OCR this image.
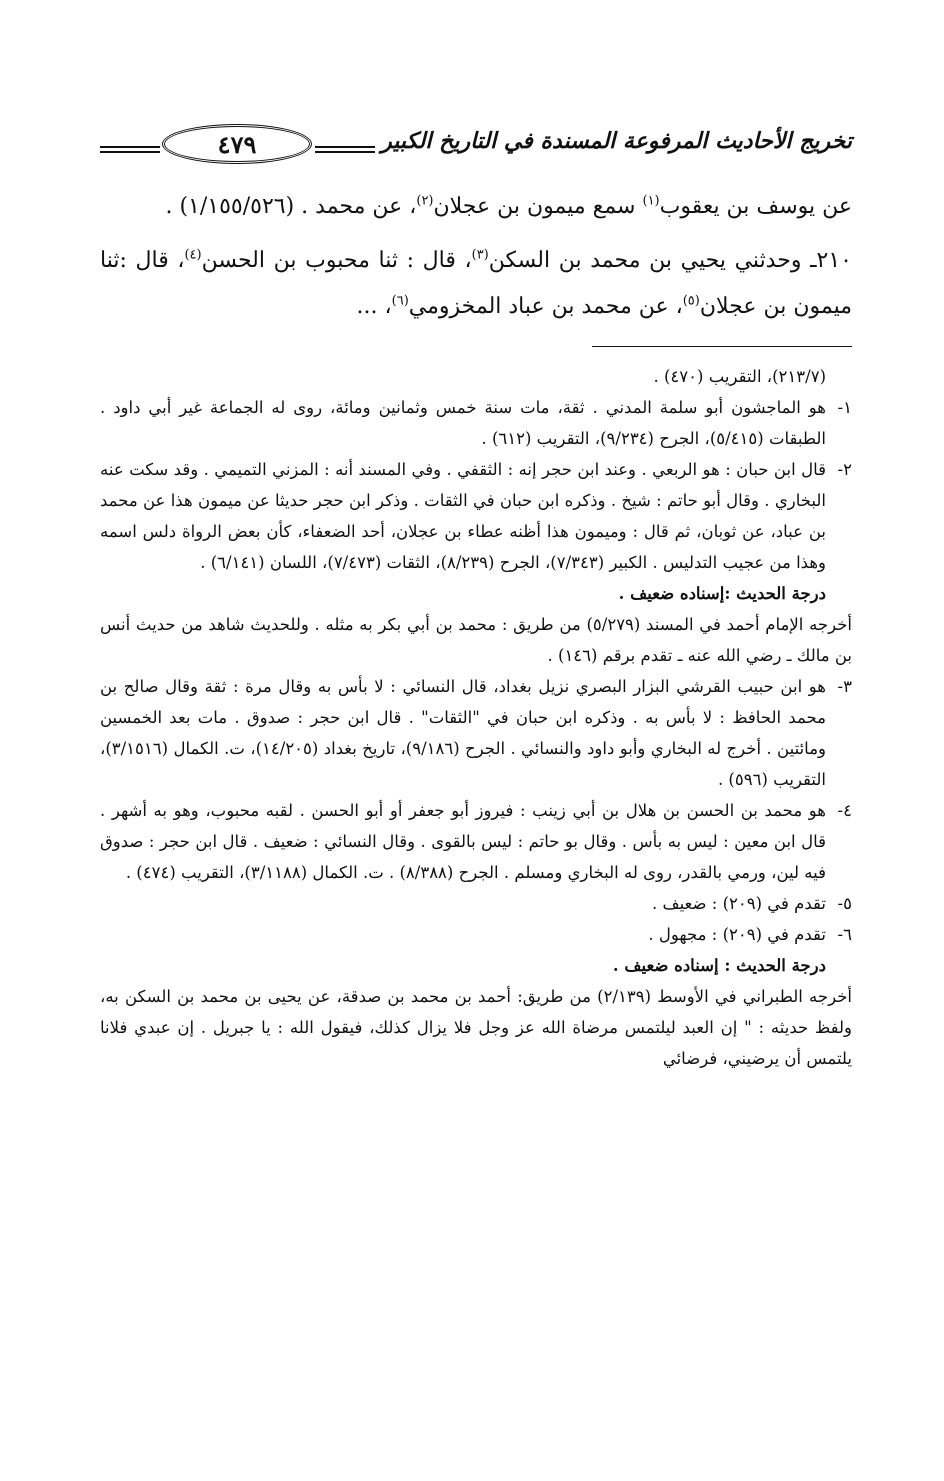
تخريج الأحاديث المرفوعة المسندة في التاريخ الكبير
٤٧٩

عن يوسف بن يعقوب$^{(١)}$ سمع ميمون بن عجلان$^{(٢)}$، عن محمد . (١/١٥٥/٥٢٦) .

٢١٠ـ وحدثني يحيي بن محمد بن السكن$^{(٣)}$، قال : ثنا محبوب بن الحسن$^{(٤)}$، قال :ثنا ميمون بن عجلان$^{(٥)}$، عن محمد بن عباد المخزومي$^{(٦)}$، ...

(٢١٣/٧)، التقريب (٤٧٠) .

١-هو الماجشون أبو سلمة المدني . ثقة، مات سنة خمس وثمانين ومائة، روى له الجماعة غير أبي داود . الطبقات (٥/٤١٥)، الجرح (٩/٢٣٤)، التقريب (٦١٢) .

٢-قال ابن حبان : هو الربعي . وعند ابن حجر إنه : الثقفي . وفي المسند أنه : المزني التميمي . وقد سكت عنه البخاري . وقال أبو حاتم : شيخ . وذكره ابن حبان في الثقات . وذكر ابن حجر حديثا عن ميمون هذا عن محمد بن عباد، عن ثوبان، ثم قال : وميمون هذا أظنه عطاء بن عجلان، أحد الضعفاء، كأن بعض الرواة دلس اسمه وهذا من عجيب التدليس . الكبير (٧/٣٤٣)، الجرح (٨/٢٣٩)، الثقات (٧/٤٧٣)، اللسان (٦/١٤١) .

درجة الحديث :إسناده ضعيف .

أخرجه الإمام أحمد في المسند (٥/٢٧٩) من طريق : محمد بن أبي بكر به مثله . وللحديث شاهد من حديث أنس بن مالك ـ رضي الله عنه ـ تقدم برقم (١٤٦) .

٣-هو ابن حبيب القرشي البزار البصري نزيل بغداد، قال النسائي : لا بأس به وقال مرة : ثقة وقال صالح بن محمد الحافظ : لا بأس به . وذكره ابن حبان في "الثقات" . قال ابن حجر : صدوق . مات بعد الخمسين ومائتين . أخرج له البخاري وأبو داود والنسائي . الجرح (٩/١٨٦)، تاريخ بغداد (١٤/٢٠٥)، ت. الكمال (٣/١٥١٦)، التقريب (٥٩٦) .

٤-هو محمد بن الحسن بن هلال بن أبي زينب : فيروز أبو جعفر أو أبو الحسن . لقبه محبوب، وهو به أشهر . قال ابن معين : ليس به بأس . وقال بو حاتم : ليس بالقوى . وقال النسائي : ضعيف . قال ابن حجر : صدوق فيه لين، ورمي بالقدر، روى له البخاري ومسلم . الجرح (٨/٣٨٨) . ت. الكمال (٣/١١٨٨)، التقريب (٤٧٤) .

٥-تقدم في (٢٠٩) : ضعيف .

٦-تقدم في (٢٠٩) : مجهول .

درجة الحديث : إسناده ضعيف .

أخرجه الطبراني في الأوسط (٢/١٣٩) من طريق: أحمد بن محمد بن صدقة، عن يحيى بن محمد بن السكن به، ولفظ حديثه : " إن العبد ليلتمس مرضاة الله عز وجل فلا يزال كذلك، فيقول الله : يا جبريل . إن عبدي فلانا يلتمس أن يرضيني، فرضائي
